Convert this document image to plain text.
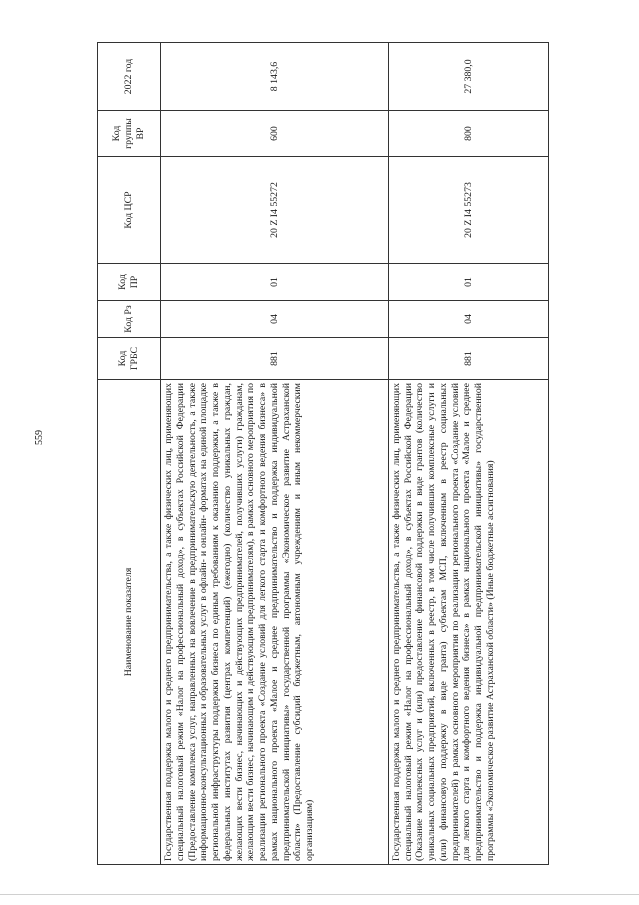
559
Наименование показателя	Код ГРБС	Код Рз	Код ПР	Код ЦСР	Код группы ВР	2022 год
Государственная поддержка малого и среднего предпринимательства, а также физических лиц, применяющих специальный налоговый режим «Налог на профессиональный доход», в субъектах Российской Федерации (Предоставление комплекса услуг, направленных на вовлечение в предпринимательскую деятельность, а также информационно-консультационных и образовательных услуг в офлайн- и онлайн- форматах на единой площадке региональной инфраструктуры поддержки бизнеса по единым требованиям к оказанию поддержки, а также в федеральных институтах развития (центрах компетенций) (ежегодно) (количество уникальных граждан, желающих вести бизнес, начинающих и действующих предпринимателей, получивших услуги) гражданам, желающим вести бизнес, начинающим и действующим предпринимателям), в рамках основного мероприятия по реализации регионального проекта «Создание условий для легкого старта и комфортного ведения бизнеса» в рамках национального проекта «Малое и среднее предпринимательство и поддержка индивидуальной предпринимательской инициативы» государственной программы «Экономическое развитие Астраханской области» (Предоставление субсидий бюджетным, автономным учреждениям и иным некоммерческим организациям)	881	04	01	20 Z I4 55272	600	8 143,6
Государственная поддержка малого и среднего предпринимательства, а также физических лиц, применяющих специальный налоговый режим «Налог на профессиональный доход», в субъектах Российской Федерации (Оказание комплексных услуг и (или) предоставление финансовой поддержки в виде грантов (количество уникальных социальных предприятий, включенных в реестр, в том числе получивших комплексные услуги и (или) финансовую поддержку в виде гранта) субъектам МСП, включенным в реестр социальных предпринимателей) в рамках основного мероприятия по реализации регионального проекта «Создание условий для легкого старта и комфортного ведения бизнеса» в рамках национального проекта «Малое и среднее предпринимательство и поддержка индивидуальной предпринимательской инициативы» государственной программы «Экономическое развитие Астраханской области» (Иные бюджетные ассигнования)	881	04	01	20 Z I4 55273	800	27 380,0
